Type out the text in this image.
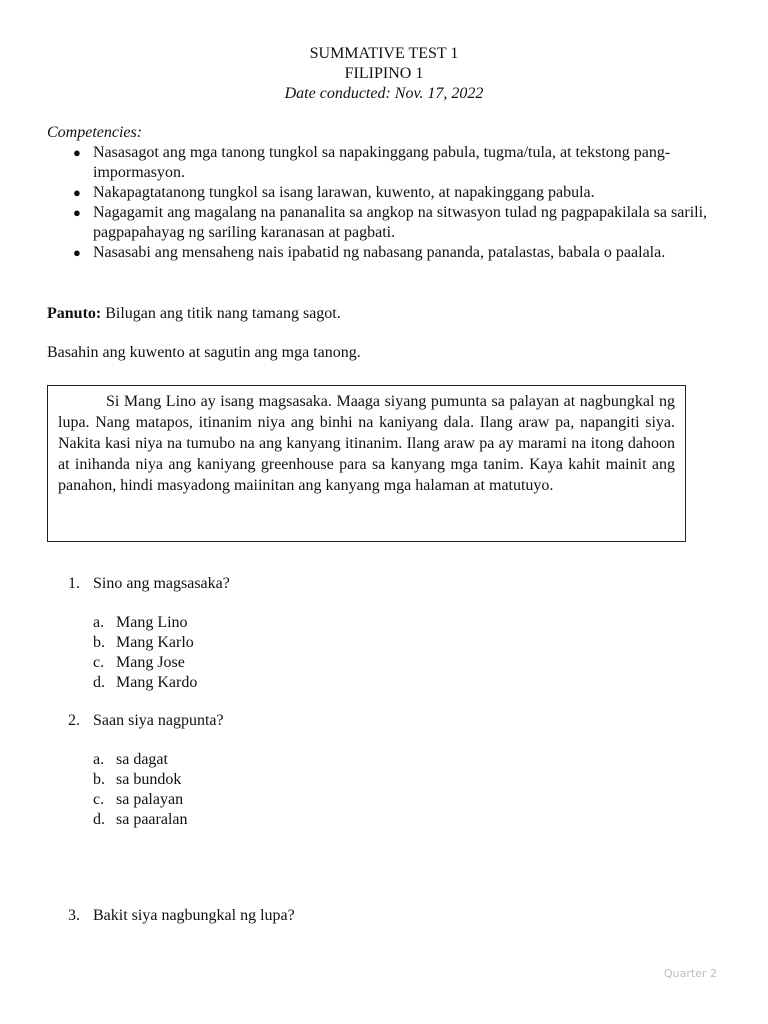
SUMMATIVE TEST 1
FILIPINO 1
Date conducted: Nov. 17, 2022
Competencies:
● Nasasagot ang mga tanong tungkol sa napakinggang pabula, tugma/tula, at tekstong pang-impormasyon.
● Nakapagtatanong tungkol sa isang larawan, kuwento, at napakinggang pabula.
● Nagagamit ang magalang na pananalita sa angkop na sitwasyon tulad ng pagpapakilala sa sarili, pagpapahayag ng sariling karanasan at pagbati.
● Nasasabi ang mensaheng nais ipabatid ng nabasang pananda, patalastas, babala o paalala.
Panuto: Bilugan ang titik nang tamang sagot.
Basahin ang kuwento at sagutin ang mga tanong.

Si Mang Lino ay isang magsasaka. Maaga siyang pumunta sa palayan at nagbungkal ng lupa. Nang matapos, itinanim niya ang binhi na kaniyang dala. Ilang araw pa, napangiti siya. Nakita kasi niya na tumubo na ang kanyang itinanim. Ilang araw pa ay marami na itong dahoon at inihanda niya ang kaniyang greenhouse para sa kanyang mga tanim. Kaya kahit mainit ang panahon, hindi masyadong maiinitan ang kanyang mga halaman at matutuyo.

1. Sino ang magsasaka?
a. Mang Lino
b. Mang Karlo
c. Mang Jose
d. Mang Kardo
2. Saan siya nagpunta?
a. sa dagat
b. sa bundok
c. sa palayan
d. sa paaralan
3. Bakit siya nagbungkal ng lupa?
Quarter 2
